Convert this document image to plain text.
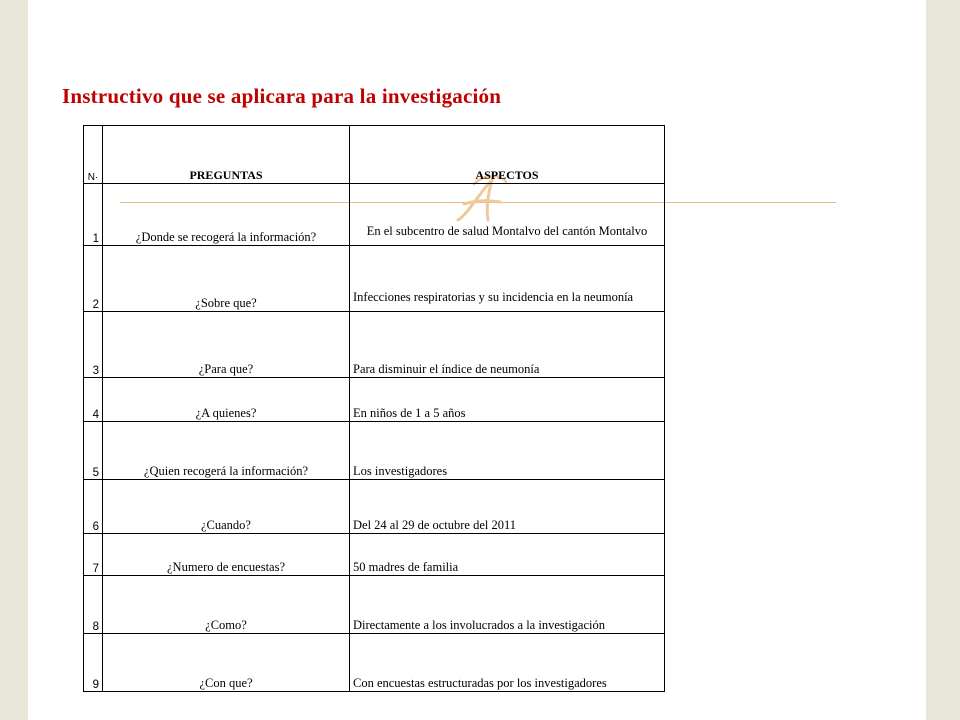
Instructivo que se aplicara para la investigación
N·	PREGUNTAS	ASPECTOS
1	¿Donde se recogerá la información?	En el subcentro de salud Montalvo del cantón Montalvo
2	¿Sobre que?	Infecciones respiratorias y su incidencia en la neumonía
3	¿Para que?	Para disminuir el índice de neumonía
4	¿A quienes?	En niños de 1 a 5 años
5	¿Quien recogerá la información?	Los investigadores
6	¿Cuando?	Del 24 al 29 de octubre del 2011
7	¿Numero de encuestas?	50 madres de familia
8	¿Como?	Directamente a los involucrados a la investigación
9	¿Con que?	Con encuestas estructuradas por los investigadores
